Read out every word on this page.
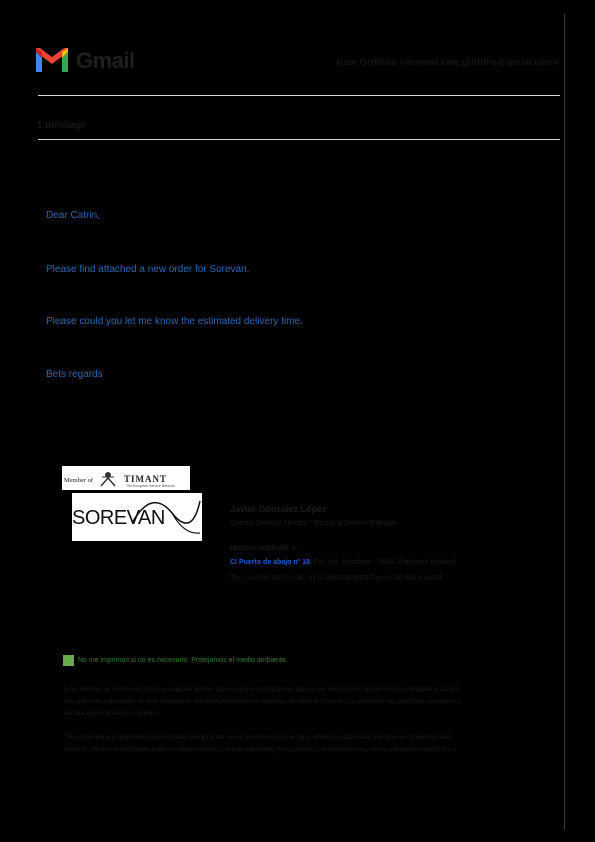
Gmail	Kate Griffiths <viamed.kate.griffiths@gmail.com>
1 message
Dear Catrin,
Please find attached a new order for Sorevan.
Please could you let me know the estimated delivery time.
Bets regards
Member of	TIMANT
The European Service Network
SOREVAN	Javier González López
Director Servicio Técnico / Technical Service Manager
MEDICAL SOREVAN, S.
C/ Puerto de abajo nº 18. Pol. Ind. Algodrete - 28430 Algodrete (Madrid)
Tfn: (+34) 91 850 10 38 - M (+34)636976603 Fax: (+34) 918 414824
No me imprimas si no es necesario. Protejamos el medio ambiente.
Este mensaje de correo electrónico y cualquier archivo adjunto que lo acompañe es para el uso exclusivo de las personas o entidades a las que
Las opiniones expresadas en este mensaje no son necesariamente las opiniones de Medical Sorevan. La compañía, sus directores, ejecutivos o
declara expresamente lo contrario.
This email and any attachments are intended solely for the use of the individual or entity to whom it is addressed and may be confidential and/
directors, officers or employees make no representation or accept any liability for its accuracy or completeness, unless expressly stated to the c
